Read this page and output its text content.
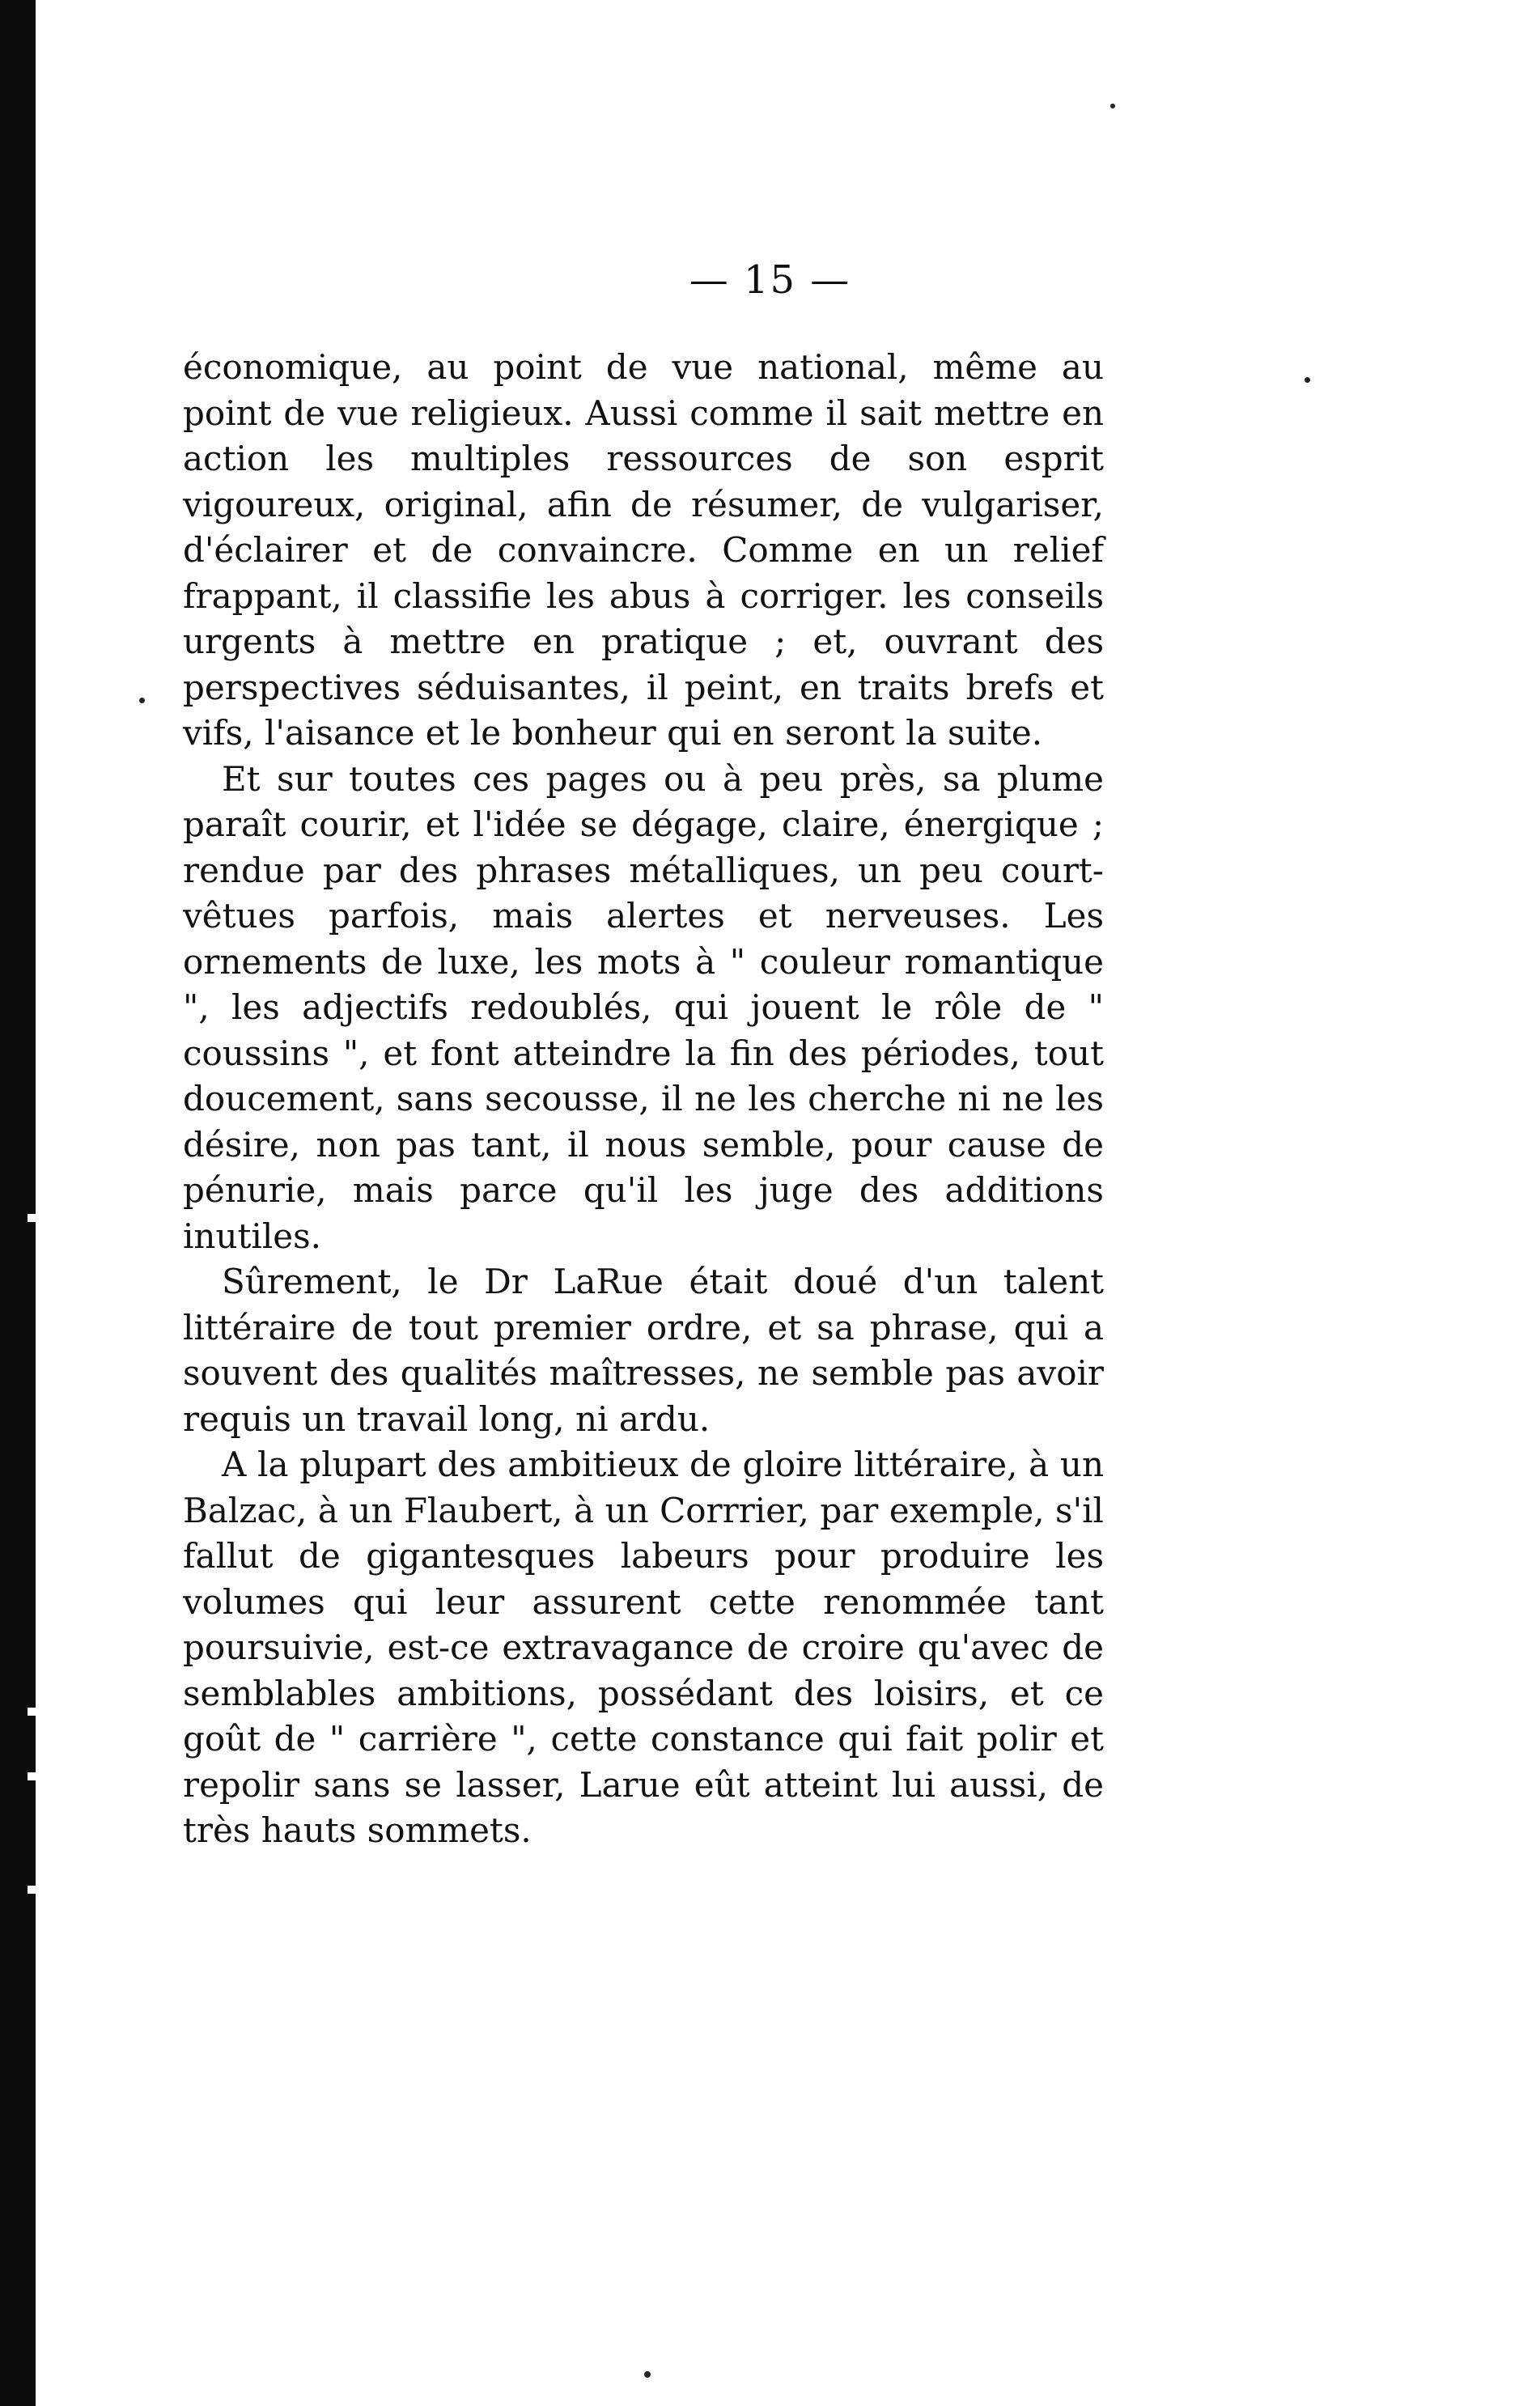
— 15 —

économique, au point de vue national, même au point de vue religieux. Aussi comme il sait mettre en action les multiples ressources de son esprit vigoureux, original, afin de résumer, de vulgariser, d'éclairer et de convaincre. Comme en un relief frappant, il classifie les abus à corriger. les conseils urgents à mettre en pratique ; et, ouvrant des perspectives séduisantes, il peint, en traits brefs et vifs, l'aisance et le bonheur qui en seront la suite.

Et sur toutes ces pages ou à peu près, sa plume paraît courir, et l'idée se dégage, claire, énergique ; rendue par des phrases métalliques, un peu court-vêtues parfois, mais alertes et nerveuses. Les ornements de luxe, les mots à " couleur romantique ", les adjectifs redoublés, qui jouent le rôle de " coussins ", et font atteindre la fin des périodes, tout doucement, sans secousse, il ne les cherche ni ne les désire, non pas tant, il nous semble, pour cause de pénurie, mais parce qu'il les juge des additions inutiles.

Sûrement, le Dr LaRue était doué d'un talent littéraire de tout premier ordre, et sa phrase, qui a souvent des qualités maîtresses, ne semble pas avoir requis un travail long, ni ardu.

A la plupart des ambitieux de gloire littéraire, à un Balzac, à un Flaubert, à un Corrrier, par exemple, s'il fallut de gigantesques labeurs pour produire les volumes qui leur assurent cette renommée tant poursuivie, est-ce extravagance de croire qu'avec de semblables ambitions, possédant des loisirs, et ce goût de " carrière ", cette constance qui fait polir et repolir sans se lasser, Larue eût atteint lui aussi, de très hauts sommets.
